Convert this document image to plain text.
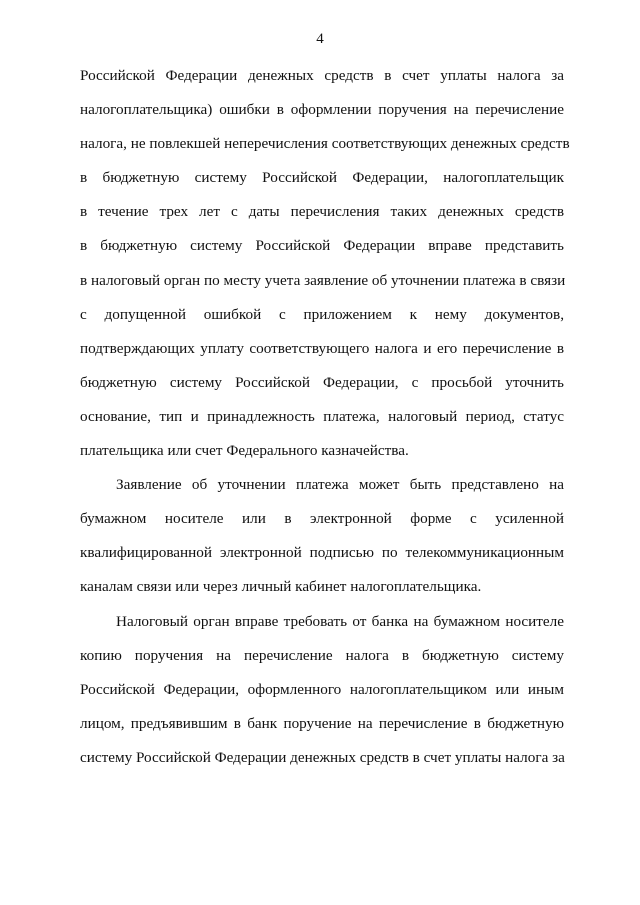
4
Российской Федерации денежных средств в счет уплаты налога за
налогоплательщика) ошибки в оформлении поручения на перечисление
налога, не повлекшей неперечисления соответствующих денежных средств
в бюджетную систему Российской Федерации, налогоплательщик
в течение трех лет с даты перечисления таких денежных средств
в бюджетную систему Российской Федерации вправе представить
в налоговый орган по месту учета заявление об уточнении платежа в связи
с допущенной ошибкой с приложением к нему документов,
подтверждающих уплату соответствующего налога и его перечисление в
бюджетную систему Российской Федерации, с просьбой уточнить
основание, тип и принадлежность платежа, налоговый период, статус
плательщика или счет Федерального казначейства.
Заявление об уточнении платежа может быть представлено на
бумажном носителе или в электронной форме с усиленной
квалифицированной электронной подписью по телекоммуникационным
каналам связи или через личный кабинет налогоплательщика.
Налоговый орган вправе требовать от банка на бумажном носителе
копию поручения на перечисление налога в бюджетную систему
Российской Федерации, оформленного налогоплательщиком или иным
лицом, предъявившим в банк поручение на перечисление в бюджетную
систему Российской Федерации денежных средств в счет уплаты налога за
